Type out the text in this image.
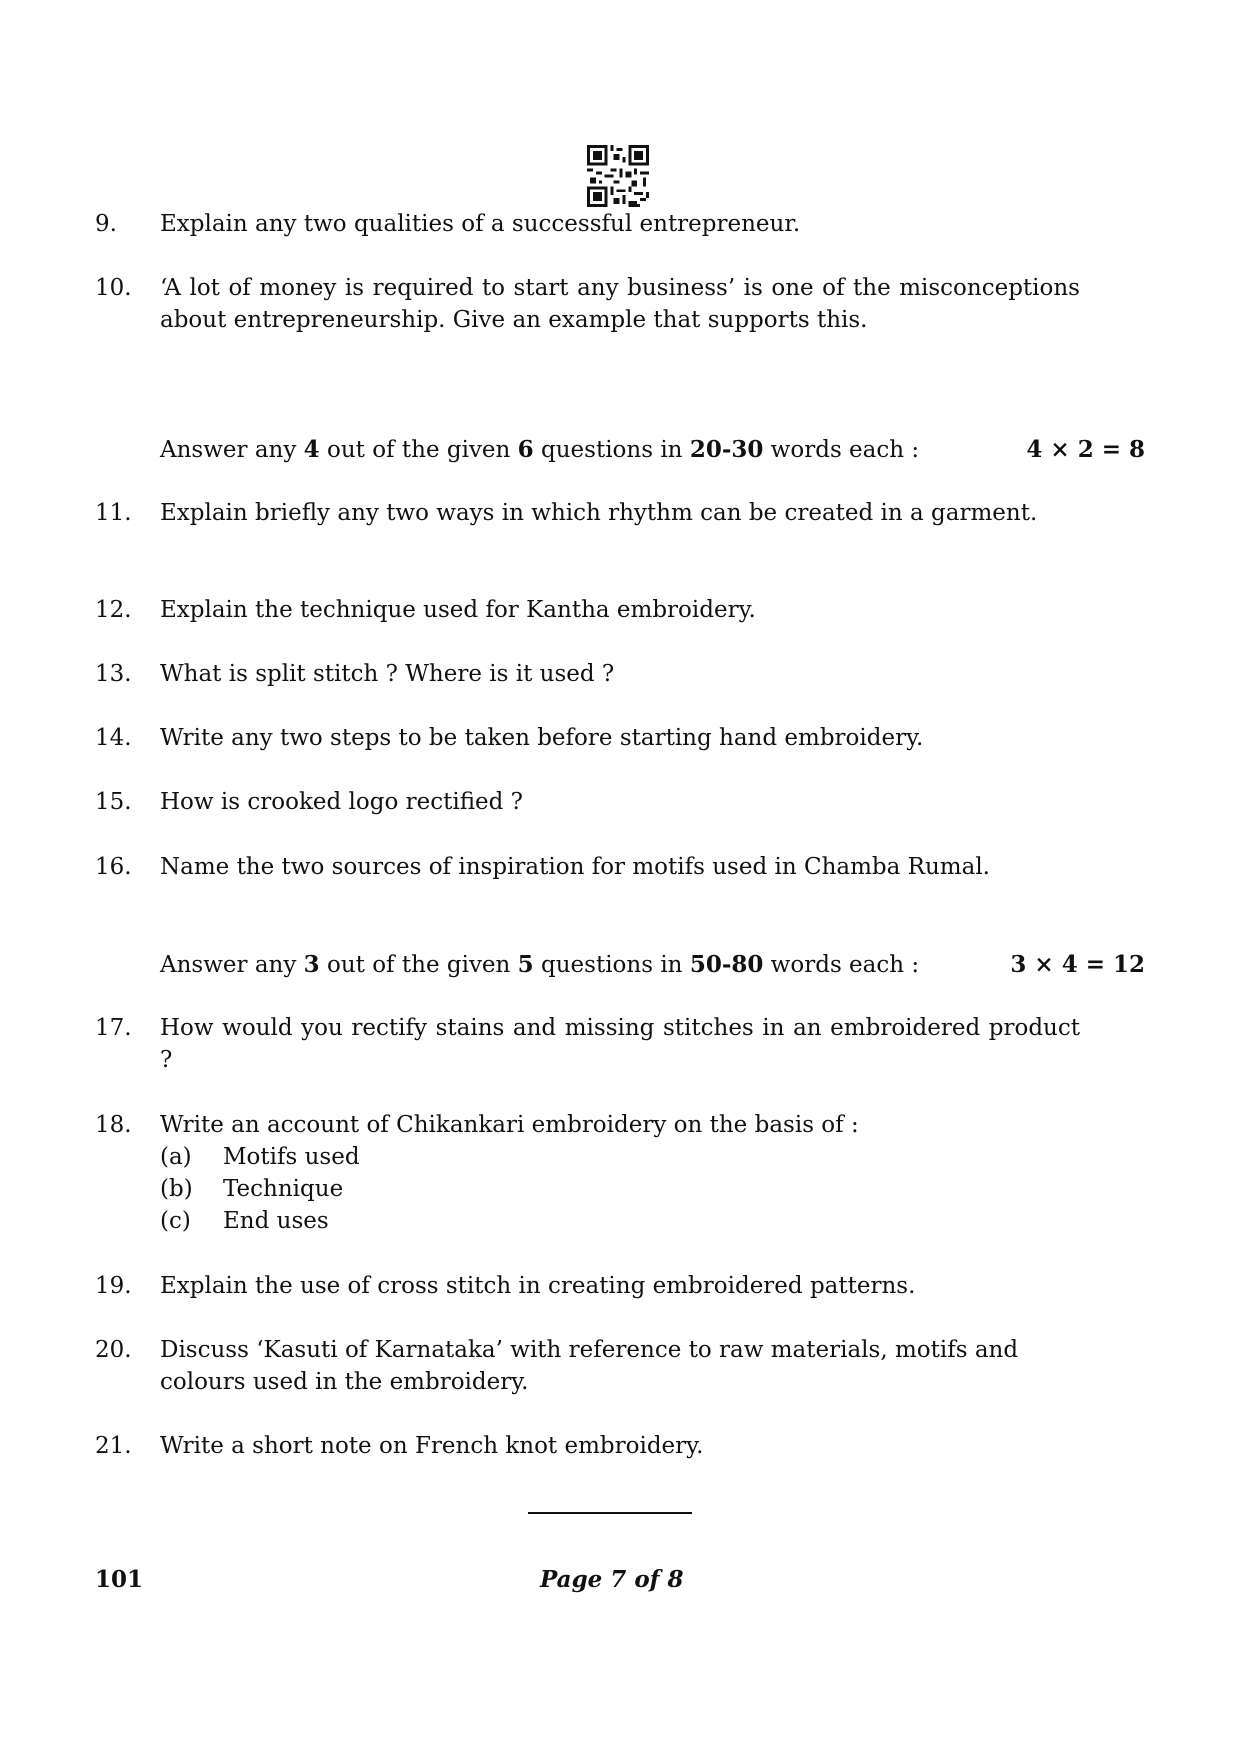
9. Explain any two qualities of a successful entrepreneur.
10. ‘A lot of money is required to start any business’ is one of the misconceptions about entrepreneurship. Give an example that supports this.
Answer any 4 out of the given 6 questions in 20-30 words each :	4 × 2 = 8
11. Explain briefly any two ways in which rhythm can be created in a garment.
12. Explain the technique used for Kantha embroidery.
13. What is split stitch ? Where is it used ?
14. Write any two steps to be taken before starting hand embroidery.
15. How is crooked logo rectified ?
16. Name the two sources of inspiration for motifs used in Chamba Rumal.
Answer any 3 out of the given 5 questions in 50-80 words each :	3 × 4 = 12
17. How would you rectify stains and missing stitches in an embroidered product ?
18. Write an account of Chikankari embroidery on the basis of :
(a) Motifs used
(b) Technique
(c) End uses
19. Explain the use of cross stitch in creating embroidered patterns.
20. Discuss ‘Kasuti of Karnataka’ with reference to raw materials, motifs and colours used in the embroidery.
21. Write a short note on French knot embroidery.
101	Page 7 of 8
